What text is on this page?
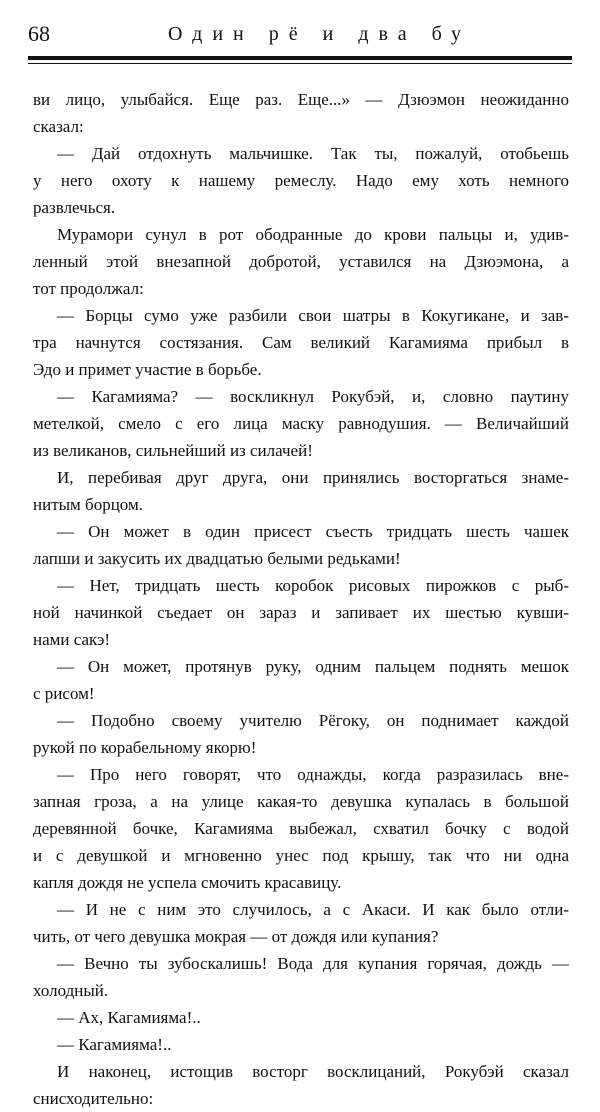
68	Один рё и два бу
ви лицо, улыбайся. Еще раз. Еще...» — Дзюэмон неожиданно
сказал:
— Дай отдохнуть мальчишке. Так ты, пожалуй, отобьешь
у него охоту к нашему ремеслу. Надо ему хоть немного
развлечься.
Мурамори сунул в рот ободранные до крови пальцы и, удив-
ленный этой внезапной добротой, уставился на Дзюэмона, а
тот продолжал:
— Борцы сумо уже разбили свои шатры в Кокугикане, и зав-
тра начнутся состязания. Сам великий Кагамияма прибыл в
Эдо и примет участие в борьбе.
— Кагамияма? — воскликнул Рокубэй, и, словно паутину
метелкой, смело с его лица маску равнодушия. — Величайший
из великанов, сильнейший из силачей!
И, перебивая друг друга, они принялись восторгаться знаме-
нитым борцом.
— Он может в один присест съесть тридцать шесть чашек
лапши и закусить их двадцатью белыми редьками!
— Нет, тридцать шесть коробок рисовых пирожков с рыб-
ной начинкой съедает он зараз и запивает их шестью кувши-
нами сакэ!
— Он может, протянув руку, одним пальцем поднять мешок
с рисом!
— Подобно своему учителю Рёгоку, он поднимает каждой
рукой по корабельному якорю!
— Про него говорят, что однажды, когда разразилась вне-
запная гроза, а на улице какая-то девушка купалась в большой
деревянной бочке, Кагамияма выбежал, схватил бочку с водой
и с девушкой и мгновенно унес под крышу, так что ни одна
капля дождя не успела смочить красавицу.
— И не с ним это случилось, а с Акаси. И как было отли-
чить, от чего девушка мокрая — от дождя или купания?
— Вечно ты зубоскалишь! Вода для купания горячая, дождь —
холодный.
— Ах, Кагамияма!..
— Кагамияма!..
И наконец, истощив восторг восклицаний, Рокубэй сказал
снисходительно:
